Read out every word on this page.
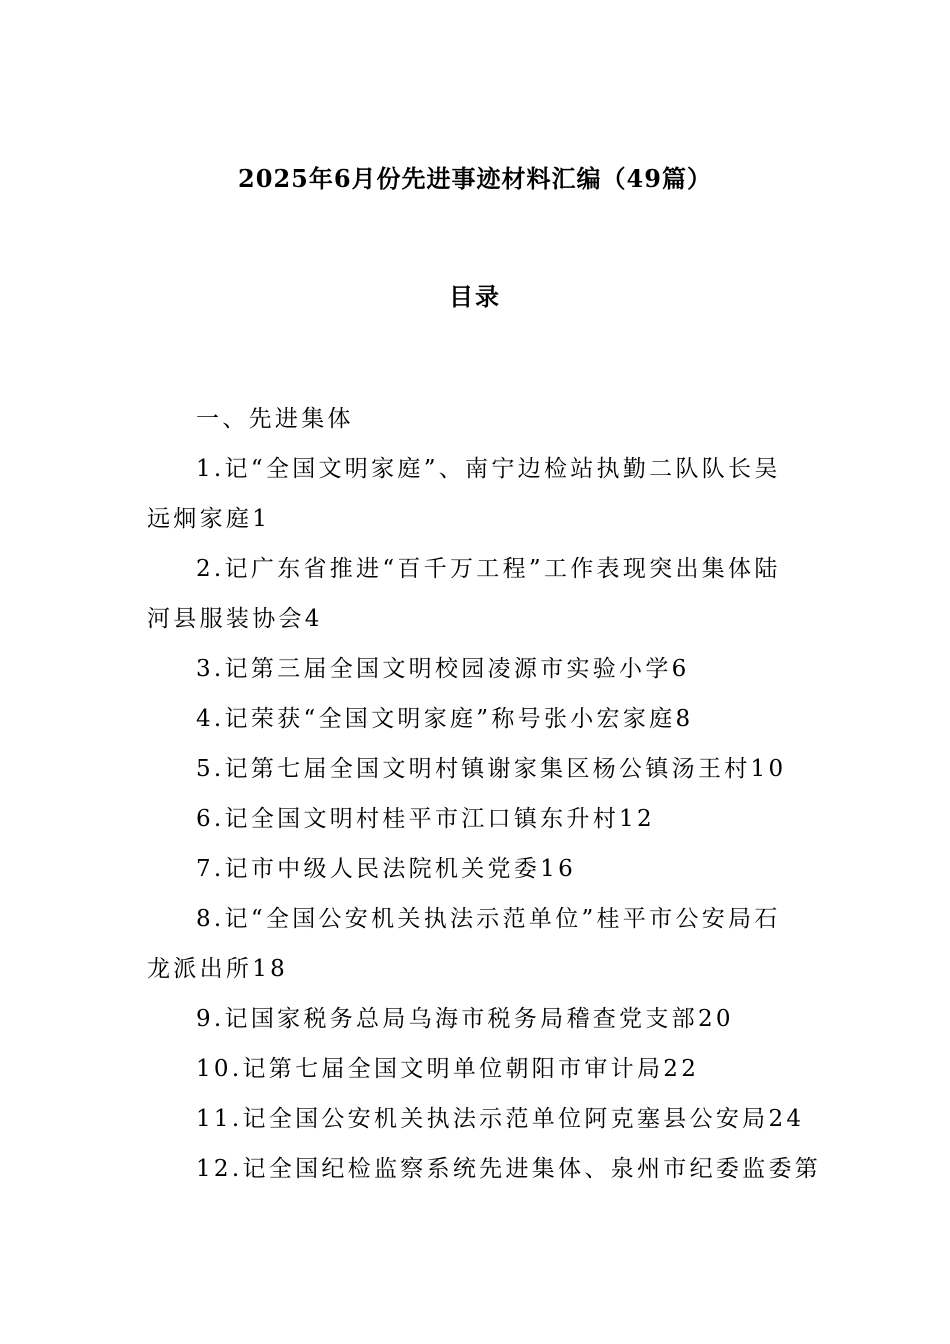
2025年6月份先进事迹材料汇编（49篇）
目录
一、先进集体
1.记“全国文明家庭”、南宁边检站执勤二队队长吴
远炯家庭1
2.记广东省推进“百千万工程”工作表现突出集体陆
河县服装协会4
3.记第三届全国文明校园凌源市实验小学6
4.记荣获“全国文明家庭”称号张小宏家庭8
5.记第七届全国文明村镇谢家集区杨公镇汤王村10
6.记全国文明村桂平市江口镇东升村12
7.记市中级人民法院机关党委16
8.记“全国公安机关执法示范单位”桂平市公安局石
龙派出所18
9.记国家税务总局乌海市税务局稽查党支部20
10.记第七届全国文明单位朝阳市审计局22
11.记全国公安机关执法示范单位阿克塞县公安局24
12.记全国纪检监察系统先进集体、泉州市纪委监委第
